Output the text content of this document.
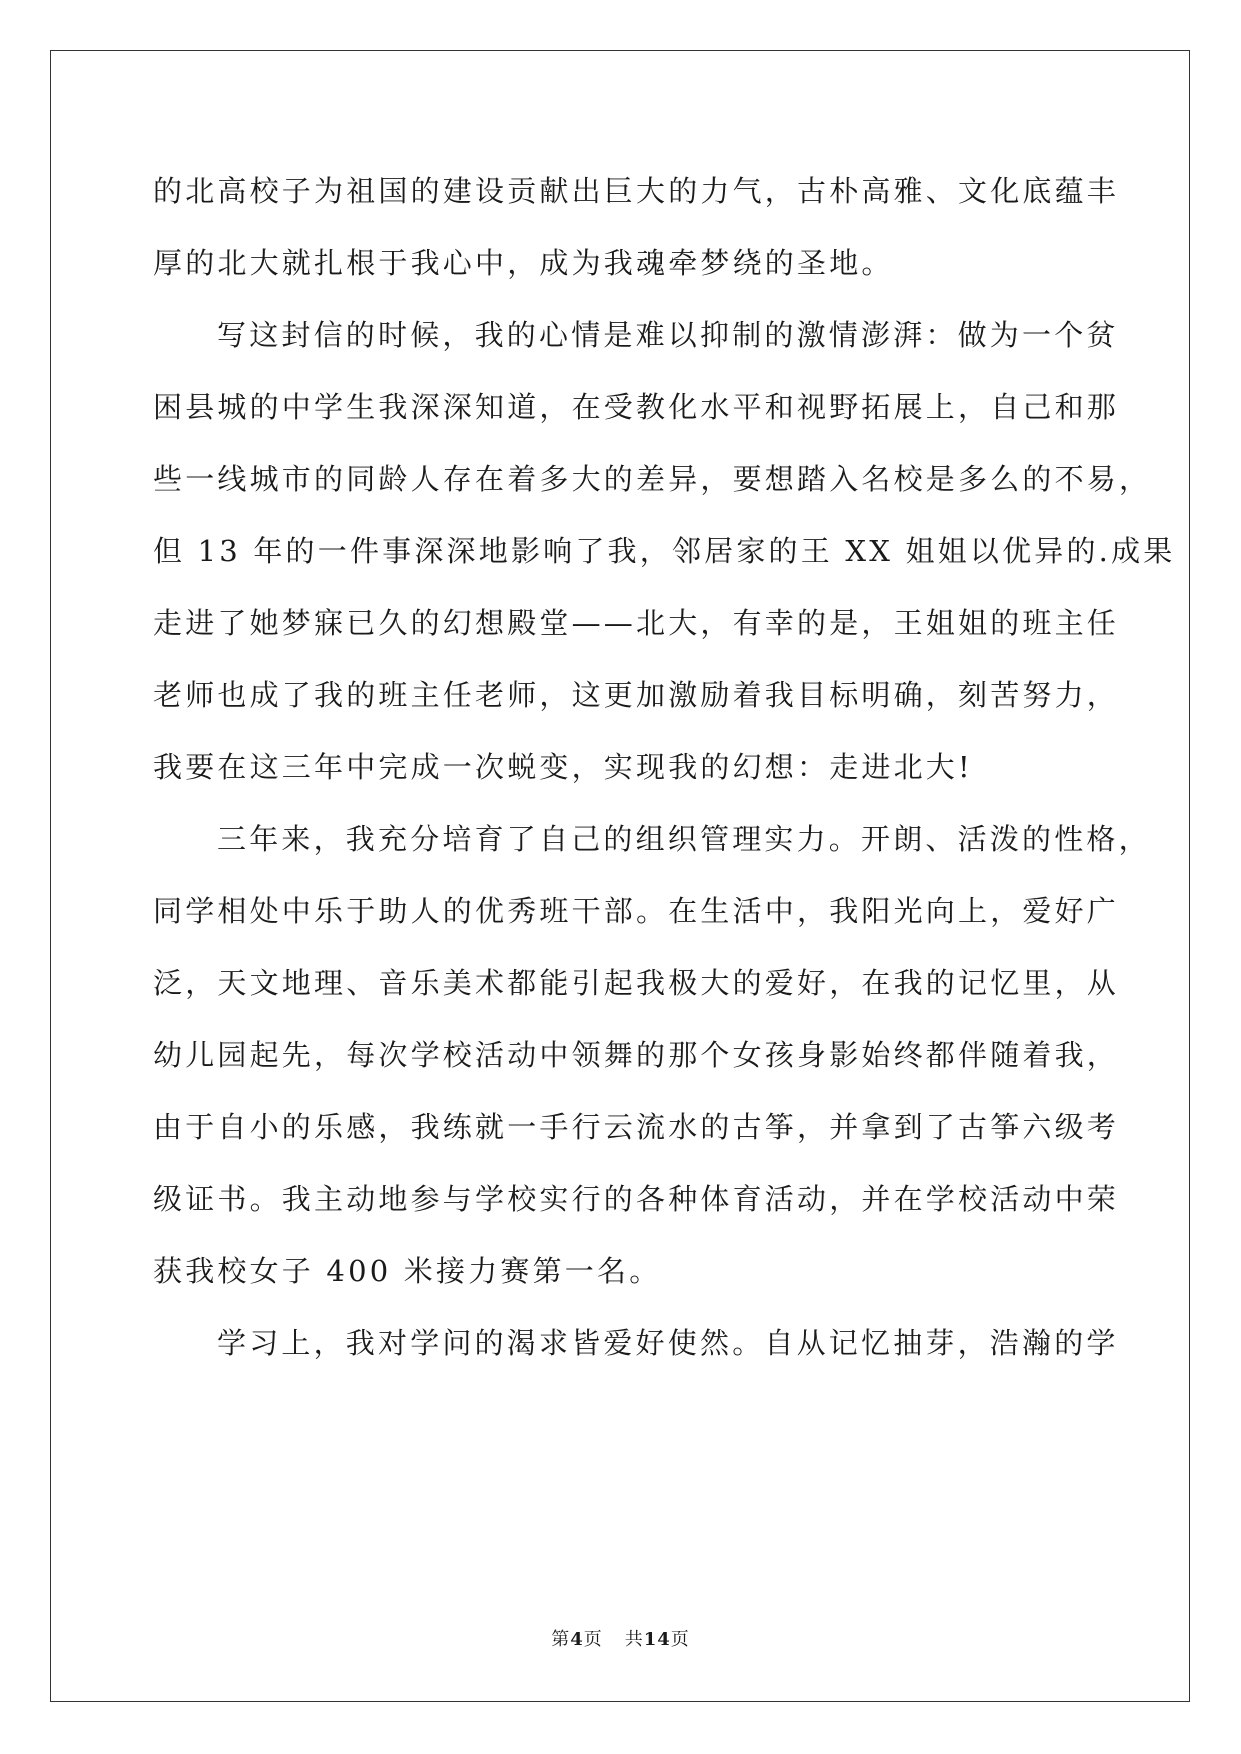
的北高校子为祖国的建设贡献出巨大的力气，古朴高雅、文化底蕴丰
厚的北大就扎根于我心中，成为我魂牵梦绕的圣地。
写这封信的时候，我的心情是难以抑制的激情澎湃：做为一个贫
困县城的中学生我深深知道，在受教化水平和视野拓展上，自己和那
些一线城市的同龄人存在着多大的差异，要想踏入名校是多么的不易，
但 13 年的一件事深深地影响了我，邻居家的王 XX 姐姐以优异的.成果
走进了她梦寐已久的幻想殿堂——北大，有幸的是，王姐姐的班主任
老师也成了我的班主任老师，这更加激励着我目标明确，刻苦努力，
我要在这三年中完成一次蜕变，实现我的幻想：走进北大!
三年来，我充分培育了自己的组织管理实力。开朗、活泼的性格，
同学相处中乐于助人的优秀班干部。在生活中，我阳光向上，爱好广
泛，天文地理、音乐美术都能引起我极大的爱好，在我的记忆里，从
幼儿园起先，每次学校活动中领舞的那个女孩身影始终都伴随着我，
由于自小的乐感，我练就一手行云流水的古筝，并拿到了古筝六级考
级证书。我主动地参与学校实行的各种体育活动，并在学校活动中荣
获我校女子 400 米接力赛第一名。
学习上，我对学问的渴求皆爱好使然。自从记忆抽芽，浩瀚的学
第4页 共14页
